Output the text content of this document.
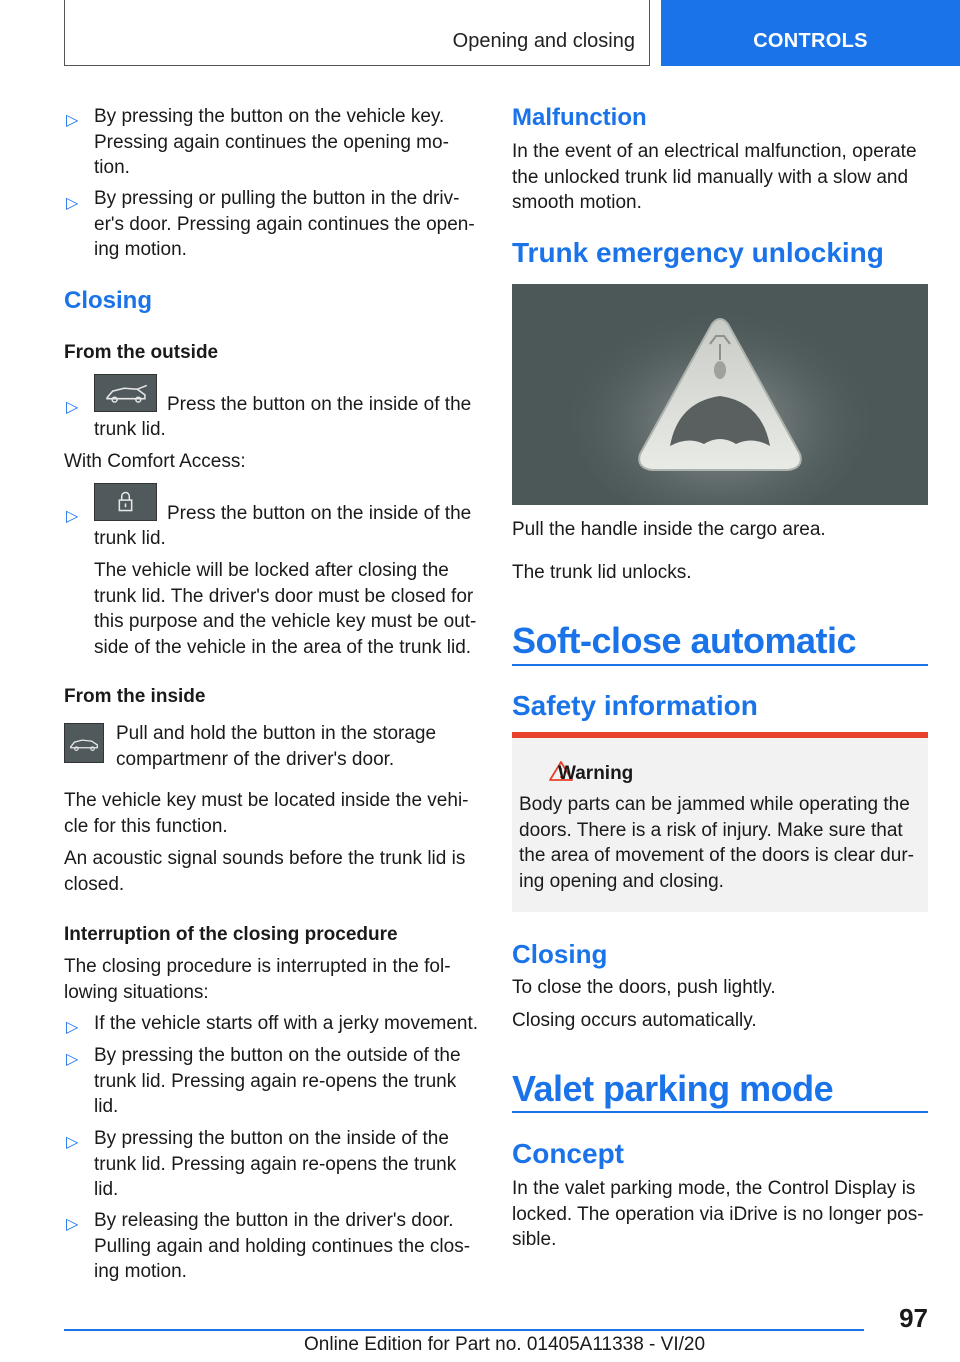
Opening and closing	CONTROLS
▷ By pressing the button on the vehicle key.
Pressing again continues the opening mo-
tion.
▷ By pressing or pulling the button in the driv-
er's door. Pressing again continues the open-
ing motion.
Closing
From the outside
▷	Press the button on the inside of the
trunk lid.
With Comfort Access:
▷	Press the button on the inside of the
trunk lid.
The vehicle will be locked after closing the
trunk lid. The driver's door must be closed for
this purpose and the vehicle key must be out-
side of the vehicle in the area of the trunk lid.
From the inside
Pull and hold the button in the storage
compartmenr of the driver's door.
The vehicle key must be located inside the vehi-
cle for this function.
An acoustic signal sounds before the trunk lid is
closed.
Interruption of the closing procedure
The closing procedure is interrupted in the fol-
lowing situations:
▷ If the vehicle starts off with a jerky movement.
▷ By pressing the button on the outside of the
trunk lid. Pressing again re-opens the trunk
lid.
▷ By pressing the button on the inside of the
trunk lid. Pressing again re-opens the trunk
lid.
▷ By releasing the button in the driver's door.
Pulling again and holding continues the clos-
ing motion.
Malfunction
In the event of an electrical malfunction, operate
the unlocked trunk lid manually with a slow and
smooth motion.
Trunk emergency unlocking
Pull the handle inside the cargo area.
The trunk lid unlocks.
Soft-close automatic
Safety information
Warning
Body parts can be jammed while operating the
doors. There is a risk of injury. Make sure that
the area of movement of the doors is clear dur-
ing opening and closing.
Closing
To close the doors, push lightly.
Closing occurs automatically.
Valet parking mode
Concept
In the valet parking mode, the Control Display is
locked. The operation via iDrive is no longer pos-
sible.
97
Online Edition for Part no. 01405A11338 - VI/20
